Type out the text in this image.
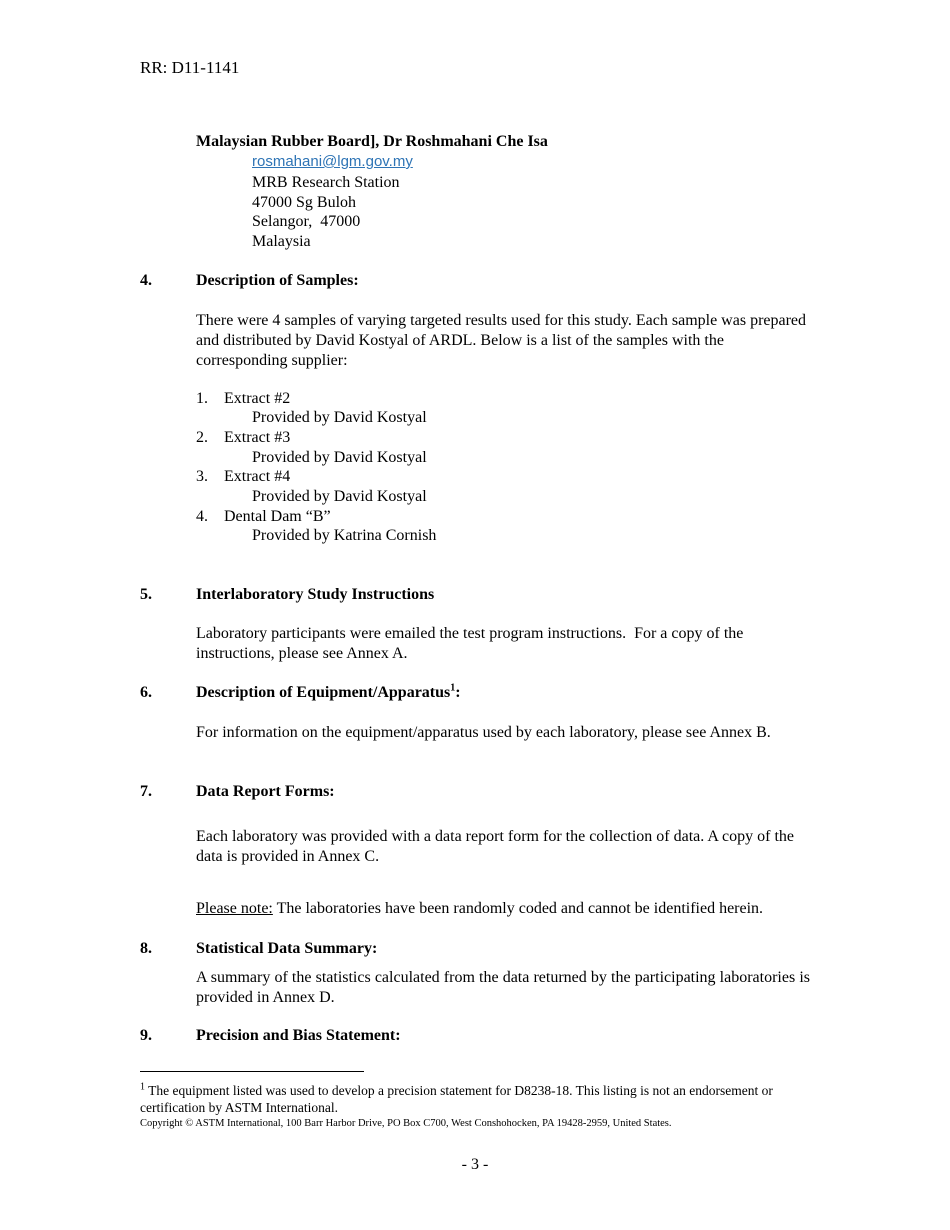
RR: D11-1141
Malaysian Rubber Board], Dr Roshmahani Che Isa
rosmahani@lgm.gov.my
MRB Research Station
47000 Sg Buloh
Selangor,  47000
Malaysia
4.	Description of Samples:
There were 4 samples of varying targeted results used for this study. Each sample was prepared and distributed by David Kostyal of ARDL. Below is a list of the samples with the corresponding supplier:
1. Extract #2
Provided by David Kostyal
2. Extract #3
Provided by David Kostyal
3. Extract #4
Provided by David Kostyal
4. Dental Dam “B”
Provided by Katrina Cornish
5.	Interlaboratory Study Instructions
Laboratory participants were emailed the test program instructions.  For a copy of the instructions, please see Annex A.
6.	Description of Equipment/Apparatus$^1$:
For information on the equipment/apparatus used by each laboratory, please see Annex B.
7.	Data Report Forms:
Each laboratory was provided with a data report form for the collection of data. A copy of the data is provided in Annex C.
Please note: The laboratories have been randomly coded and cannot be identified herein.
8.	Statistical Data Summary:
A summary of the statistics calculated from the data returned by the participating laboratories is provided in Annex D.
9.	Precision and Bias Statement:
$^1$ The equipment listed was used to develop a precision statement for D8238-18. This listing is not an endorsement or certification by ASTM International.
Copyright © ASTM International, 100 Barr Harbor Drive, PO Box C700, West Conshohocken, PA 19428-2959, United States.
- 3 -
